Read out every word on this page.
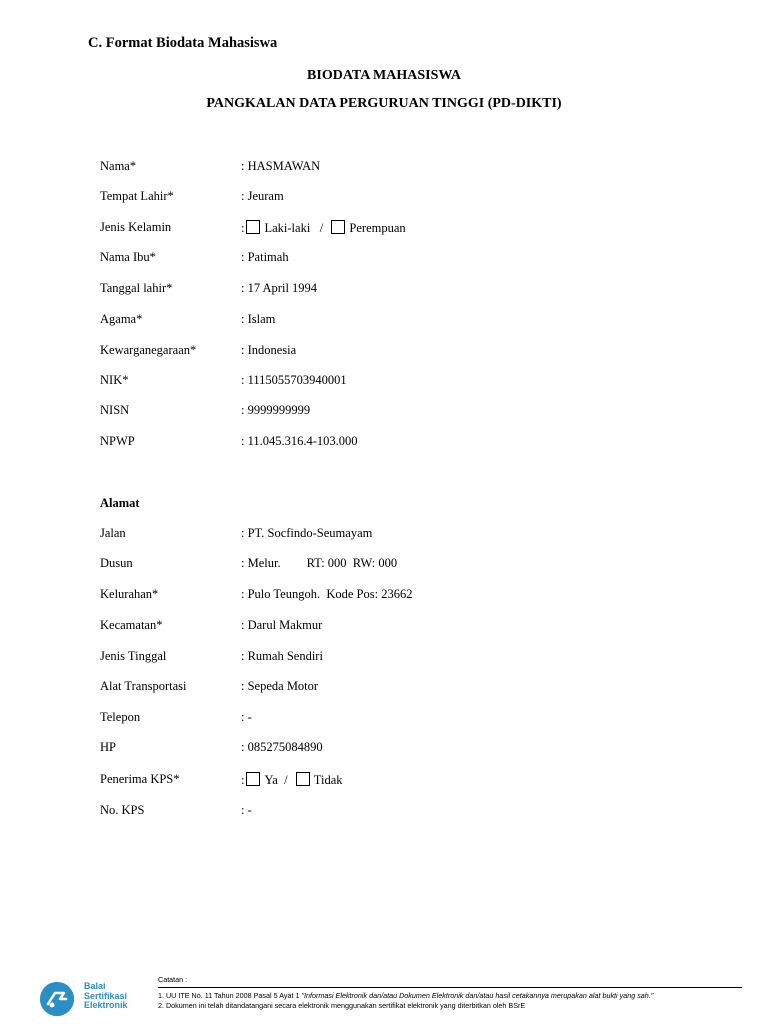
C. Format Biodata Mahasiswa
BIODATA MAHASISWA
PANGKALAN DATA PERGURUAN TINGGI (PD-DIKTI)
Nama*	: HASMAWAN
Tempat Lahir*	: Jeuram
Jenis Kelamin	: Laki-laki / Perempuan
Nama Ibu*	: Patimah
Tanggal lahir*	: 17 April 1994
Agama*	: Islam
Kewarganegaraan*	: Indonesia
NIK*	: 1115055703940001
NISN	: 9999999999
NPWP	: 11.045.316.4-103.000
Alamat
Jalan	: PT. Socfindo-Seumayam
Dusun	: Melur. RT: 000 RW: 000
Kelurahan*	: Pulo Teungoh. Kode Pos: 23662
Kecamatan*	: Darul Makmur
Jenis Tinggal	: Rumah Sendiri
Alat Transportasi	: Sepeda Motor
Telepon	: -
HP	: 085275084890
Penerima KPS*	: Ya / Tidak
No. KPS	: -
Balai
Sertifikasi
Elektronik
Catatan :
1. UU ITE No. 11 Tahun 2008 Pasal 5 Ayat 1 "Informasi Elektronik dan/atau Dokumen Elektronik dan/atau hasil cetakannya merupakan alat bukti yang sah."
2. Dokumen ini telah ditandatangani secara elektronik menggunakan sertifikat elektronik yang diterbitkan oleh BSrE
